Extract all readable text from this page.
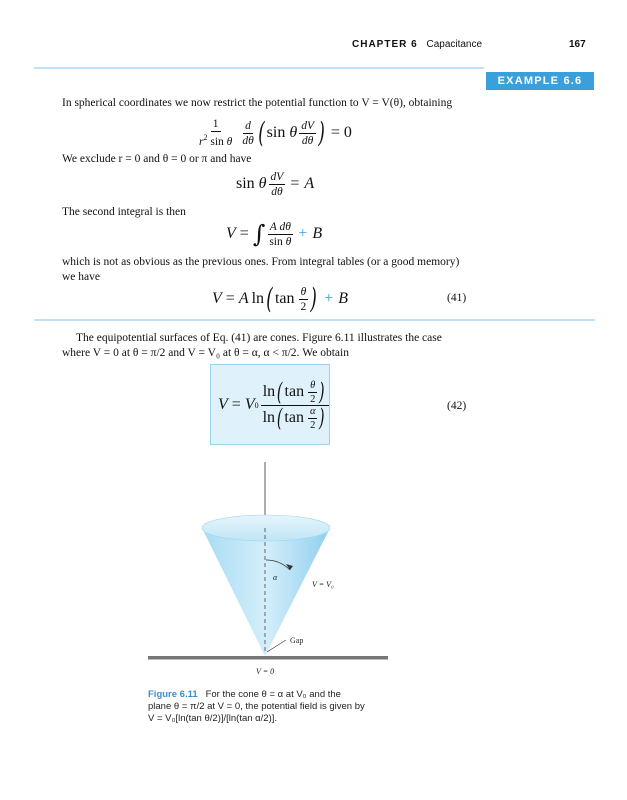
CHAPTER 6 Capacitance	167
EXAMPLE 6.6
In spherical coordinates we now restrict the potential function to V = V(θ), obtaining
$\frac{1}{r^2 \sin \theta} \frac{d}{d\theta}$ ( sin θ $\frac{dV}{d\theta}$ ) = 0
We exclude r = 0 and θ = 0 or π and have
sin θ $\frac{dV}{d\theta} = A$
The second integral is then
V = ∫ $\frac{\text{A dθ}}{\text{sin θ}} + B$
which is not as obvious as the previous ones. From integral tables (or a good memory)
we have
V = A ln ( tan
$\frac{\theta}{2}$ ) + B	(41)
The equipotential surfaces of Eq. (41) are cones. Figure 6.11 illustrates the case
where V = 0 at θ = π/2 and V = V₀ at θ = α, α < π/2. We obtain
V = V 0
ln ( tan
$\frac{\theta}{2}$ )
ln ( tan
$\frac{\alpha}{2}$ )	(42)
α
V = V₀
Gap
V = 0
Figure 6.11 For the cone θ = α at V₀ and the
plane θ = π/2 at V = 0, the potential field is given by
V = V₀[ln(tan θ/2)]/[ln(tan α/2)].
